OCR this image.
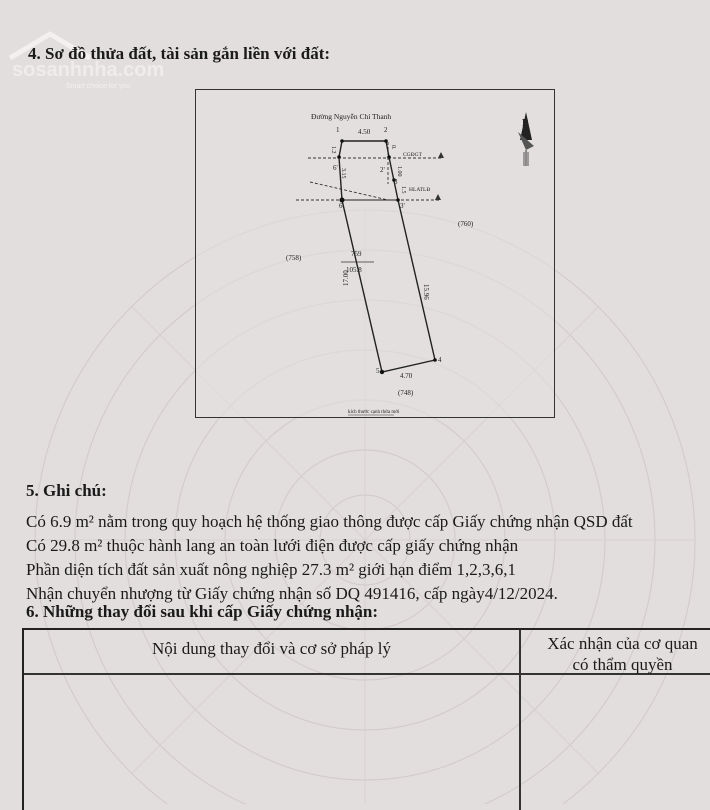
sosanhnha.com
Smart choice for you
4. Sơ đồ thửa đất, tài sản gắn liền với đất:
Đường Nguyễn Chí Thanh
B
1	2
3
4
5
6
6'	2'
3'
CGĐGT
HLATLĐ
4.50
4.70
17.00
15.96
1.2
3.15
0.
1.00
1.5
759
105.8
(758)
(760)
(748)
kích thước cạnh thửa mới
5. Ghi chú:
Có 6.9 m² nằm trong quy hoạch hệ thống giao thông được cấp Giấy chứng nhận QSD đất
Có 29.8 m² thuộc hành lang an toàn lưới điện được cấp giấy chứng nhận
Phần diện tích đất sản xuất nông nghiệp 27.3 m² giới hạn điểm 1,2,3,6,1
Nhận chuyển nhượng từ Giấy chứng nhận số DQ 491416, cấp ngày4/12/2024.
6. Những thay đổi sau khi cấp Giấy chứng nhận:
Nội dung thay đổi và cơ sở pháp lý	Xác nhận của cơ quan
có thẩm quyền
